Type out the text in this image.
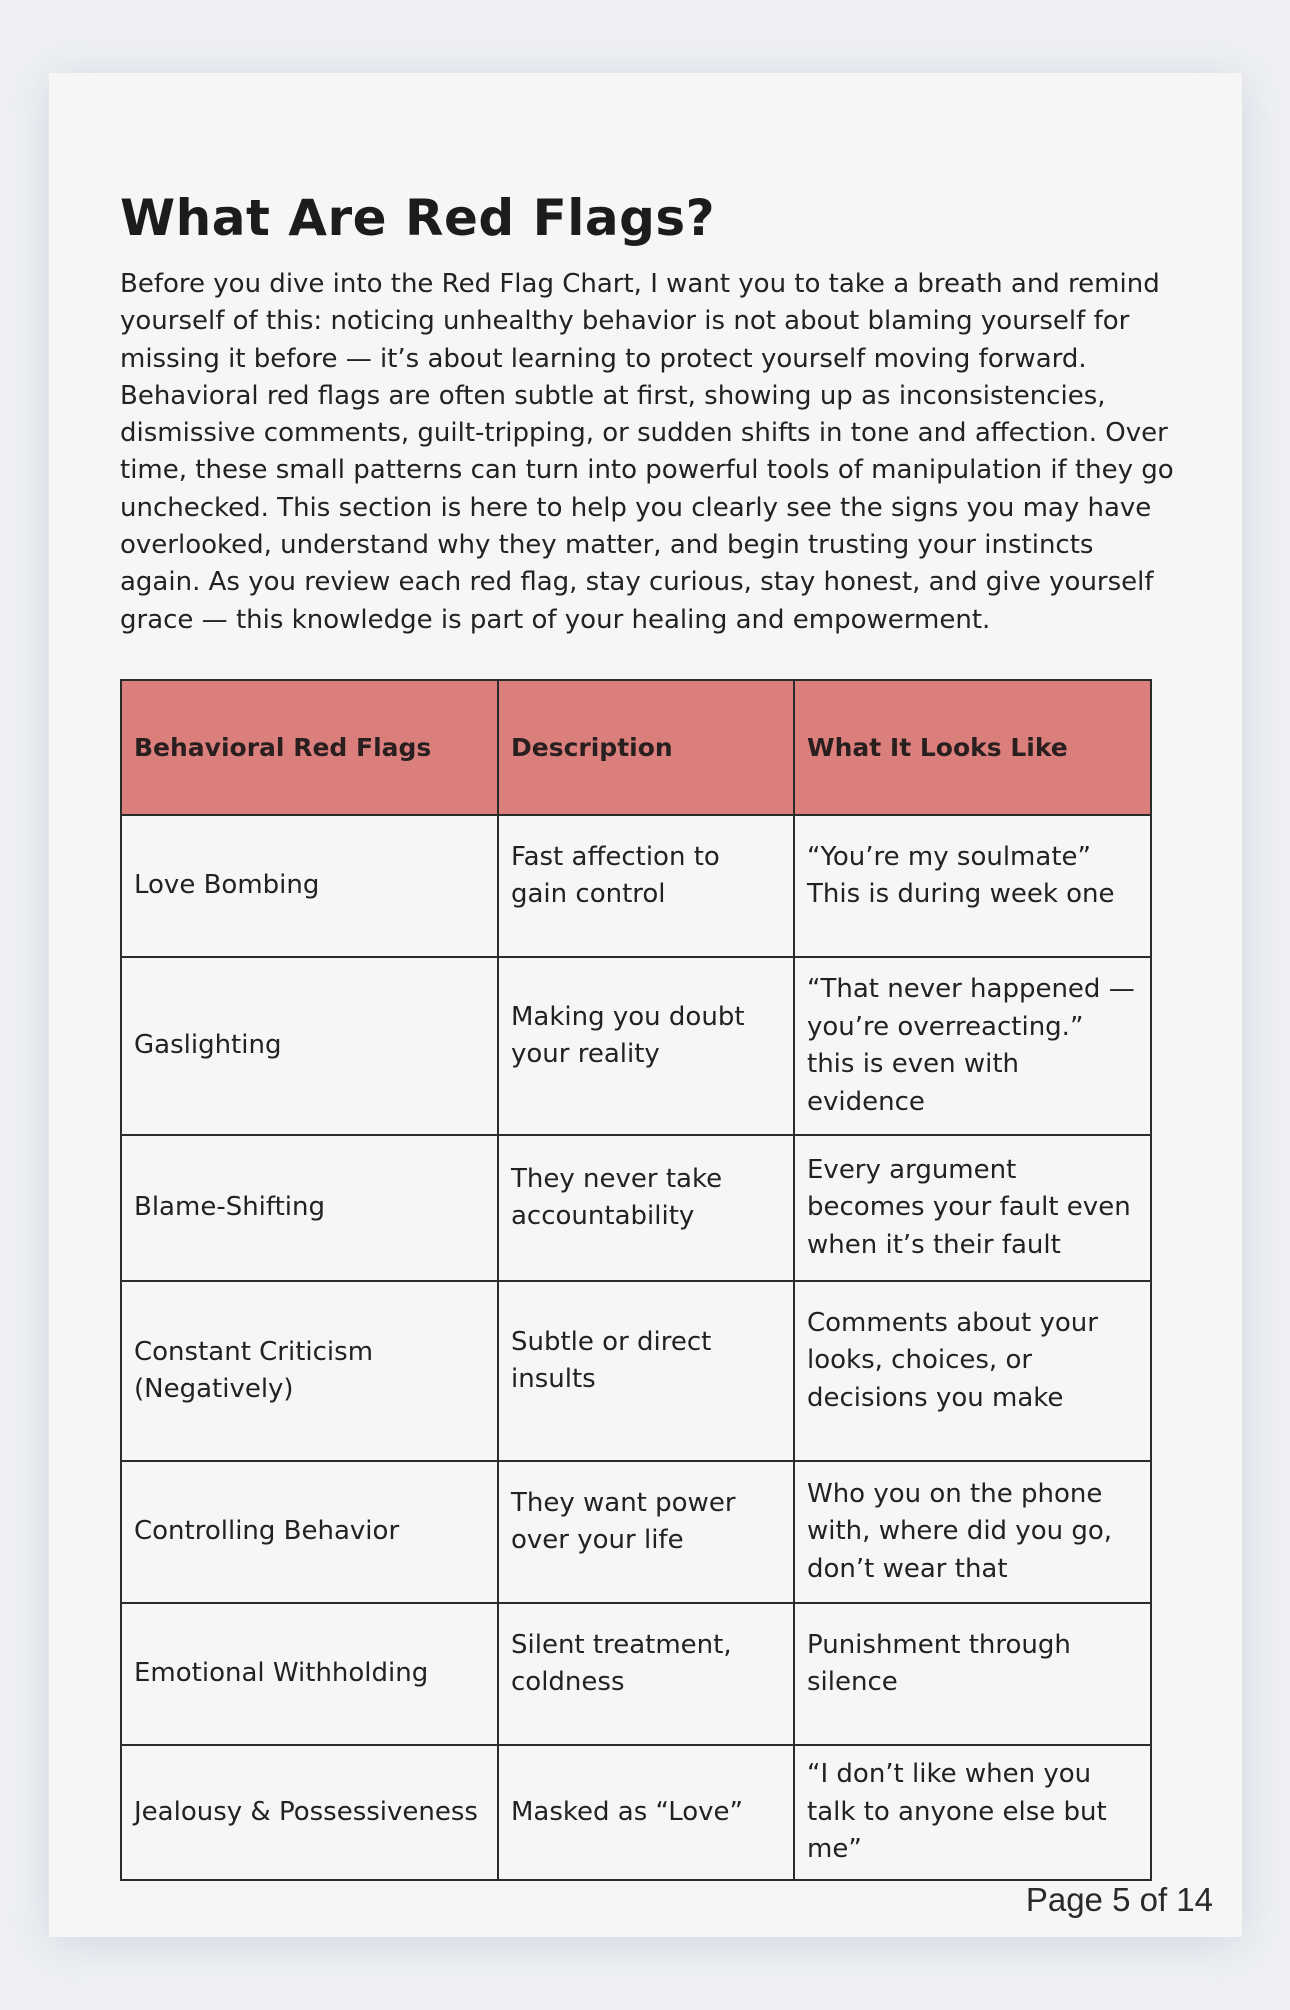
What Are Red Flags?

Before you dive into the Red Flag Chart, I want you to take a breath and remind yourself of this: noticing unhealthy behavior is not about blaming yourself for missing it before — it’s about learning to protect yourself moving forward. Behavioral red flags are often subtle at first, showing up as inconsistencies, dismissive comments, guilt-tripping, or sudden shifts in tone and affection. Over time, these small patterns can turn into powerful tools of manipulation if they go unchecked. This section is here to help you clearly see the signs you may have overlooked, understand why they matter, and begin trusting your instincts again. As you review each red flag, stay curious, stay honest, and give yourself grace — this knowledge is part of your healing and empowerment.

Behavioral Red Flags	Description	What It Looks Like
Love Bombing	Fast affection to gain control	“You’re my soulmate” This is during week one

Gaslighting	Making you doubt your reality	“That never happened — you’re overreacting.” this is even with evidence
Blame-Shifting	They never take accountability	Every argument becomes your fault even when it’s their fault
Constant Criticism (Negatively)	Subtle or direct insults	Comments about your looks, choices, or decisions you make

Controlling Behavior	They want power over your life	Who you on the phone with, where did you go, don’t wear that
Emotional Withholding	Silent treatment, coldness	Punishment through silence

Jealousy & Possessiveness	Masked as “Love”	“I don’t like when you talk to anyone else but me”
Page 5 of 14
